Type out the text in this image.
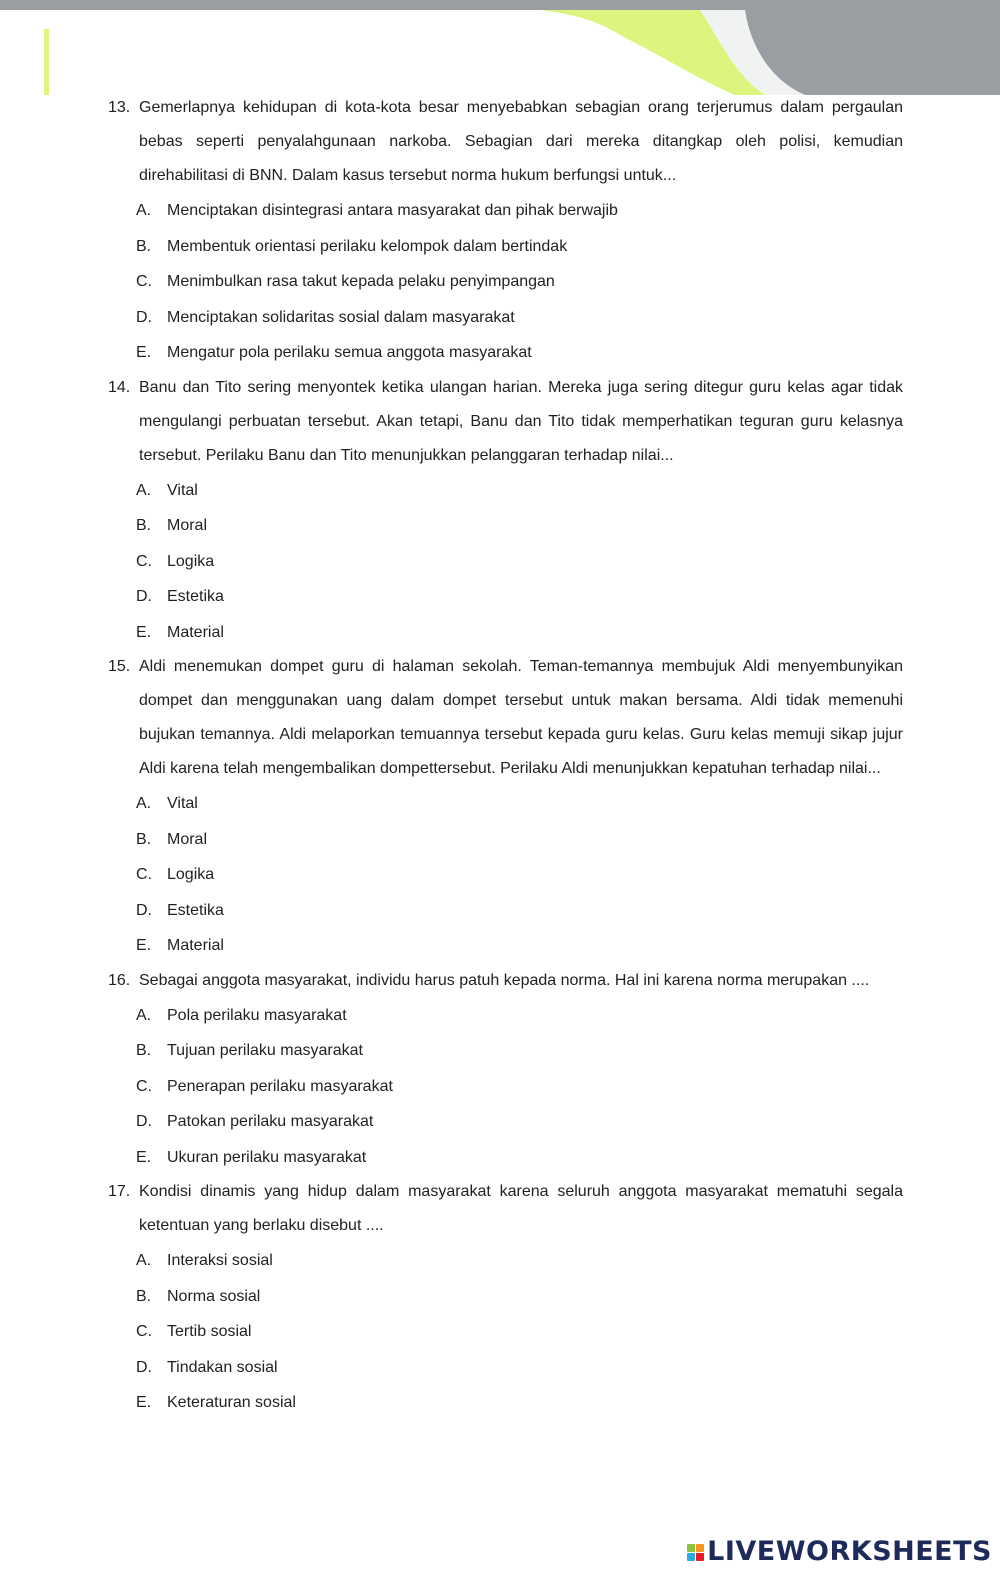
13. Gemerlapnya kehidupan di kota-kota besar menyebabkan sebagian orang terjerumus dalam pergaulan bebas seperti penyalahgunaan narkoba. Sebagian dari mereka ditangkap oleh polisi, kemudian direhabilitasi di BNN. Dalam kasus tersebut norma hukum berfungsi untuk...

A. Menciptakan disintegrasi antara masyarakat dan pihak berwajib
B. Membentuk orientasi perilaku kelompok dalam bertindak
C. Menimbulkan rasa takut kepada pelaku penyimpangan
D. Menciptakan solidaritas sosial dalam masyarakat
E. Mengatur pola perilaku semua anggota masyarakat
14. Banu dan Tito sering menyontek ketika ulangan harian. Mereka juga sering ditegur guru kelas agar tidak mengulangi perbuatan tersebut. Akan tetapi, Banu dan Tito tidak memperhatikan teguran guru kelasnya tersebut. Perilaku Banu dan Tito menunjukkan pelanggaran terhadap nilai...

A. Vital
B. Moral
C. Logika
D. Estetika
E. Material
15. Aldi menemukan dompet guru di halaman sekolah. Teman-temannya membujuk Aldi menyembunyikan dompet dan menggunakan uang dalam dompet tersebut untuk makan bersama. Aldi tidak memenuhi bujukan temannya. Aldi melaporkan temuannya tersebut kepada guru kelas. Guru kelas memuji sikap jujur Aldi karena telah mengembalikan dompettersebut. Perilaku Aldi menunjukkan kepatuhan terhadap nilai...

A. Vital
B. Moral
C. Logika
D. Estetika
E. Material
16. Sebagai anggota masyarakat, individu harus patuh kepada norma. Hal ini karena norma merupakan ....

A. Pola perilaku masyarakat
B. Tujuan perilaku masyarakat
C. Penerapan perilaku masyarakat
D. Patokan perilaku masyarakat
E. Ukuran perilaku masyarakat
17. Kondisi dinamis yang hidup dalam masyarakat karena seluruh anggota masyarakat mematuhi segala ketentuan yang berlaku disebut ....

A. Interaksi sosial
B. Norma sosial
C. Tertib sosial
D. Tindakan sosial
E. Keteraturan sosial
LIVEWORKSHEETS
